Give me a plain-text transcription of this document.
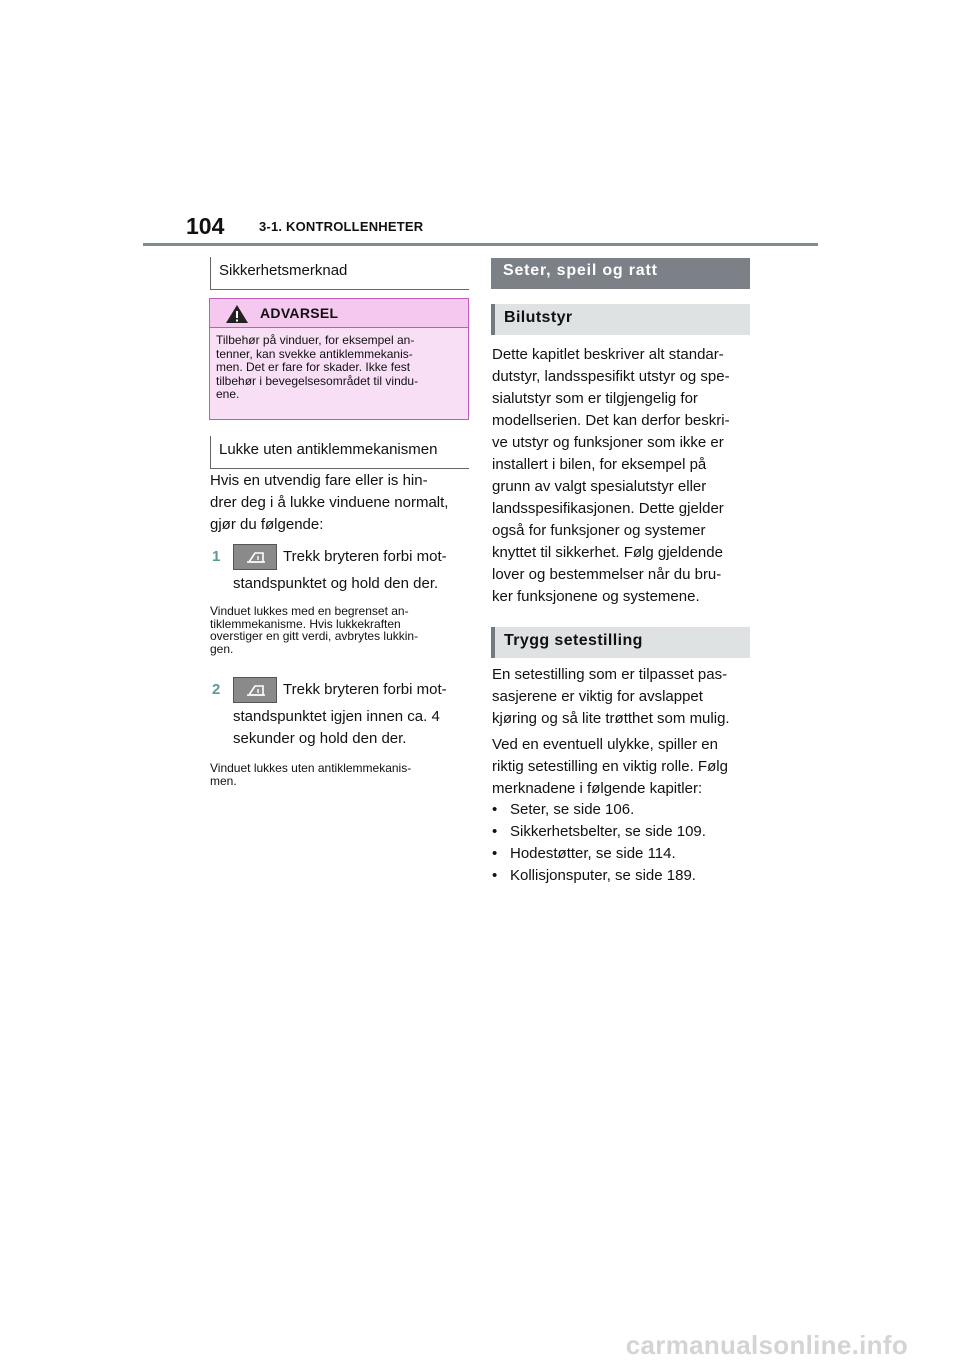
104	3-1. KONTROLLENHETER
Sikkerhetsmerknad
ADVARSEL
Tilbehør på vinduer, for eksempel an-
tenner, kan svekke antiklemmekanis-
men. Det er fare for skader. Ikke fest
tilbehør i bevegelsesområdet til vindu-
ene.
Lukke uten antiklemmekanismen
Hvis en utvendig fare eller is hin-
drer deg i å lukke vinduene normalt,
gjør du følgende:
1	Trekk bryteren forbi mot-
standspunktet og hold den der.
Vinduet lukkes med en begrenset an-
tiklemmekanisme. Hvis lukkekraften
overstiger en gitt verdi, avbrytes lukkin-
gen.
2	Trekk bryteren forbi mot-
standspunktet igjen innen ca. 4
sekunder og hold den der.
Vinduet lukkes uten antiklemmekanis-
men.
Seter, speil og ratt
Bilutstyr
Dette kapitlet beskriver alt standar-
dutstyr, landsspesifikt utstyr og spe-
sialutstyr som er tilgjengelig for
modellserien. Det kan derfor beskri-
ve utstyr og funksjoner som ikke er
installert i bilen, for eksempel på
grunn av valgt spesialutstyr eller
landsspesifikasjonen. Dette gjelder
også for funksjoner og systemer
knyttet til sikkerhet. Følg gjeldende
lover og bestemmelser når du bru-
ker funksjonene og systemene.
Trygg setestilling
En setestilling som er tilpasset pas-
sasjerene er viktig for avslappet
kjøring og så lite trøtthet som mulig.
Ved en eventuell ulykke, spiller en
riktig setestilling en viktig rolle. Følg
merknadene i følgende kapitler:
• Seter, se side 106.
• Sikkerhetsbelter, se side 109.
• Hodestøtter, se side 114.
• Kollisjonsputer, se side 189.
carmanualsonline.info
